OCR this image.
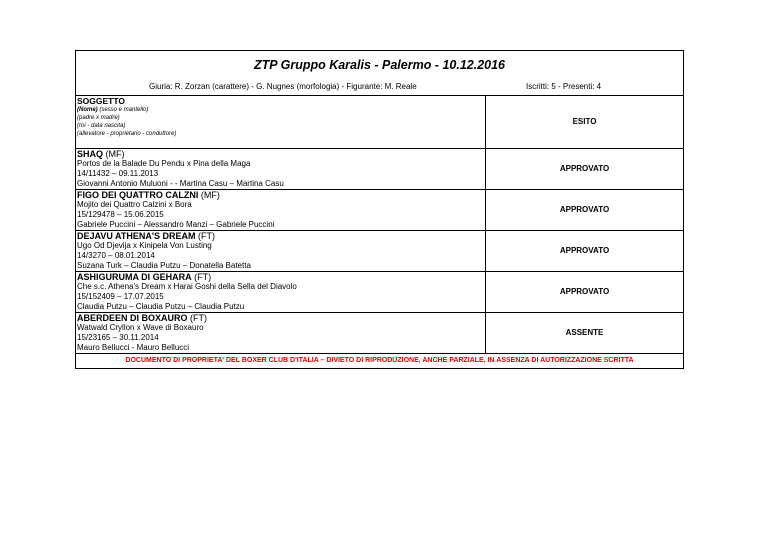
ZTP Gruppo Karalis - Palermo - 10.12.2016
Giuria: R. Zorzan (carattere) - G. Nugnes (morfologia) - Figurante: M. Reale	Iscritti: 5 - Presenti: 4
SOGGETTO
(Nome) (sesso e mantello)
(padre x madre)
(roi - data nascita)
(allevatore - proprietario - conduttore)	ESITO

SHAQ (MF)
Portos de la Balade Du Pendu x Pina della Maga
14/11432 – 09.11.2013
Giovanni Antonio Muluoni - - Martina Casu – Martina Casu	APPROVATO

FIGO DEI QUATTRO CALZNI (MF)
Mojito dei Quattro Calzini x Bora
15/129478 – 15.06.2015
Gabriele Puccini – Alessandro Manzi – Gabriele Puccini	APPROVATO

DEJAVU ATHENA'S DREAM (FT)
Ugo Od Djevija x Kinipela Von Lusting
14/3270 – 08.01.2014
Suzana Turk – Claudia Putzu – Donatella Batetta	APPROVATO

ASHIGURUMA DI GEHARA (FT)
Che s.c. Athena's Dream x Harai Goshi della Sella del Diavolo
15/152409 – 17.07.2015
Claudia Putzu – Claudia Putzu – Claudia Putzu	APPROVATO

ABERDEEN DI BOXAURO (FT)
Watwald Cryllon x Wave di Boxauro
15/23165 – 30.11.2014
Mauro Bellucci - Mauro Bellucci	ASSENTE
DOCUMENTO DI PROPRIETA' DEL BOXER CLUB D'ITALIA – DIVIETO DI RIPRODUZIONE, ANCHE PARZIALE, IN ASSENZA DI AUTORIZZAZIONE SCRITTA
